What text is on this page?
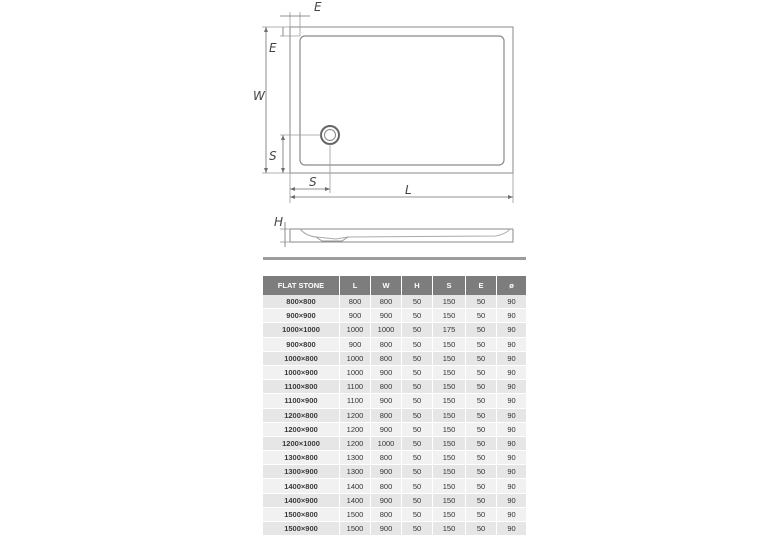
E
E
W
S
S
L
H
FLAT STONE	L	W	H	S	E	ø
800×800	800	800	50	150	50	90
900×900	900	900	50	150	50	90
1000×1000	1000	1000	50	175	50	90
900×800	900	800	50	150	50	90
1000×800	1000	800	50	150	50	90
1000×900	1000	900	50	150	50	90
1100×800	1100	800	50	150	50	90
1100×900	1100	900	50	150	50	90
1200×800	1200	800	50	150	50	90
1200×900	1200	900	50	150	50	90
1200×1000	1200	1000	50	150	50	90
1300×800	1300	800	50	150	50	90
1300×900	1300	900	50	150	50	90
1400×800	1400	800	50	150	50	90
1400×900	1400	900	50	150	50	90
1500×800	1500	800	50	150	50	90
1500×900	1500	900	50	150	50	90
